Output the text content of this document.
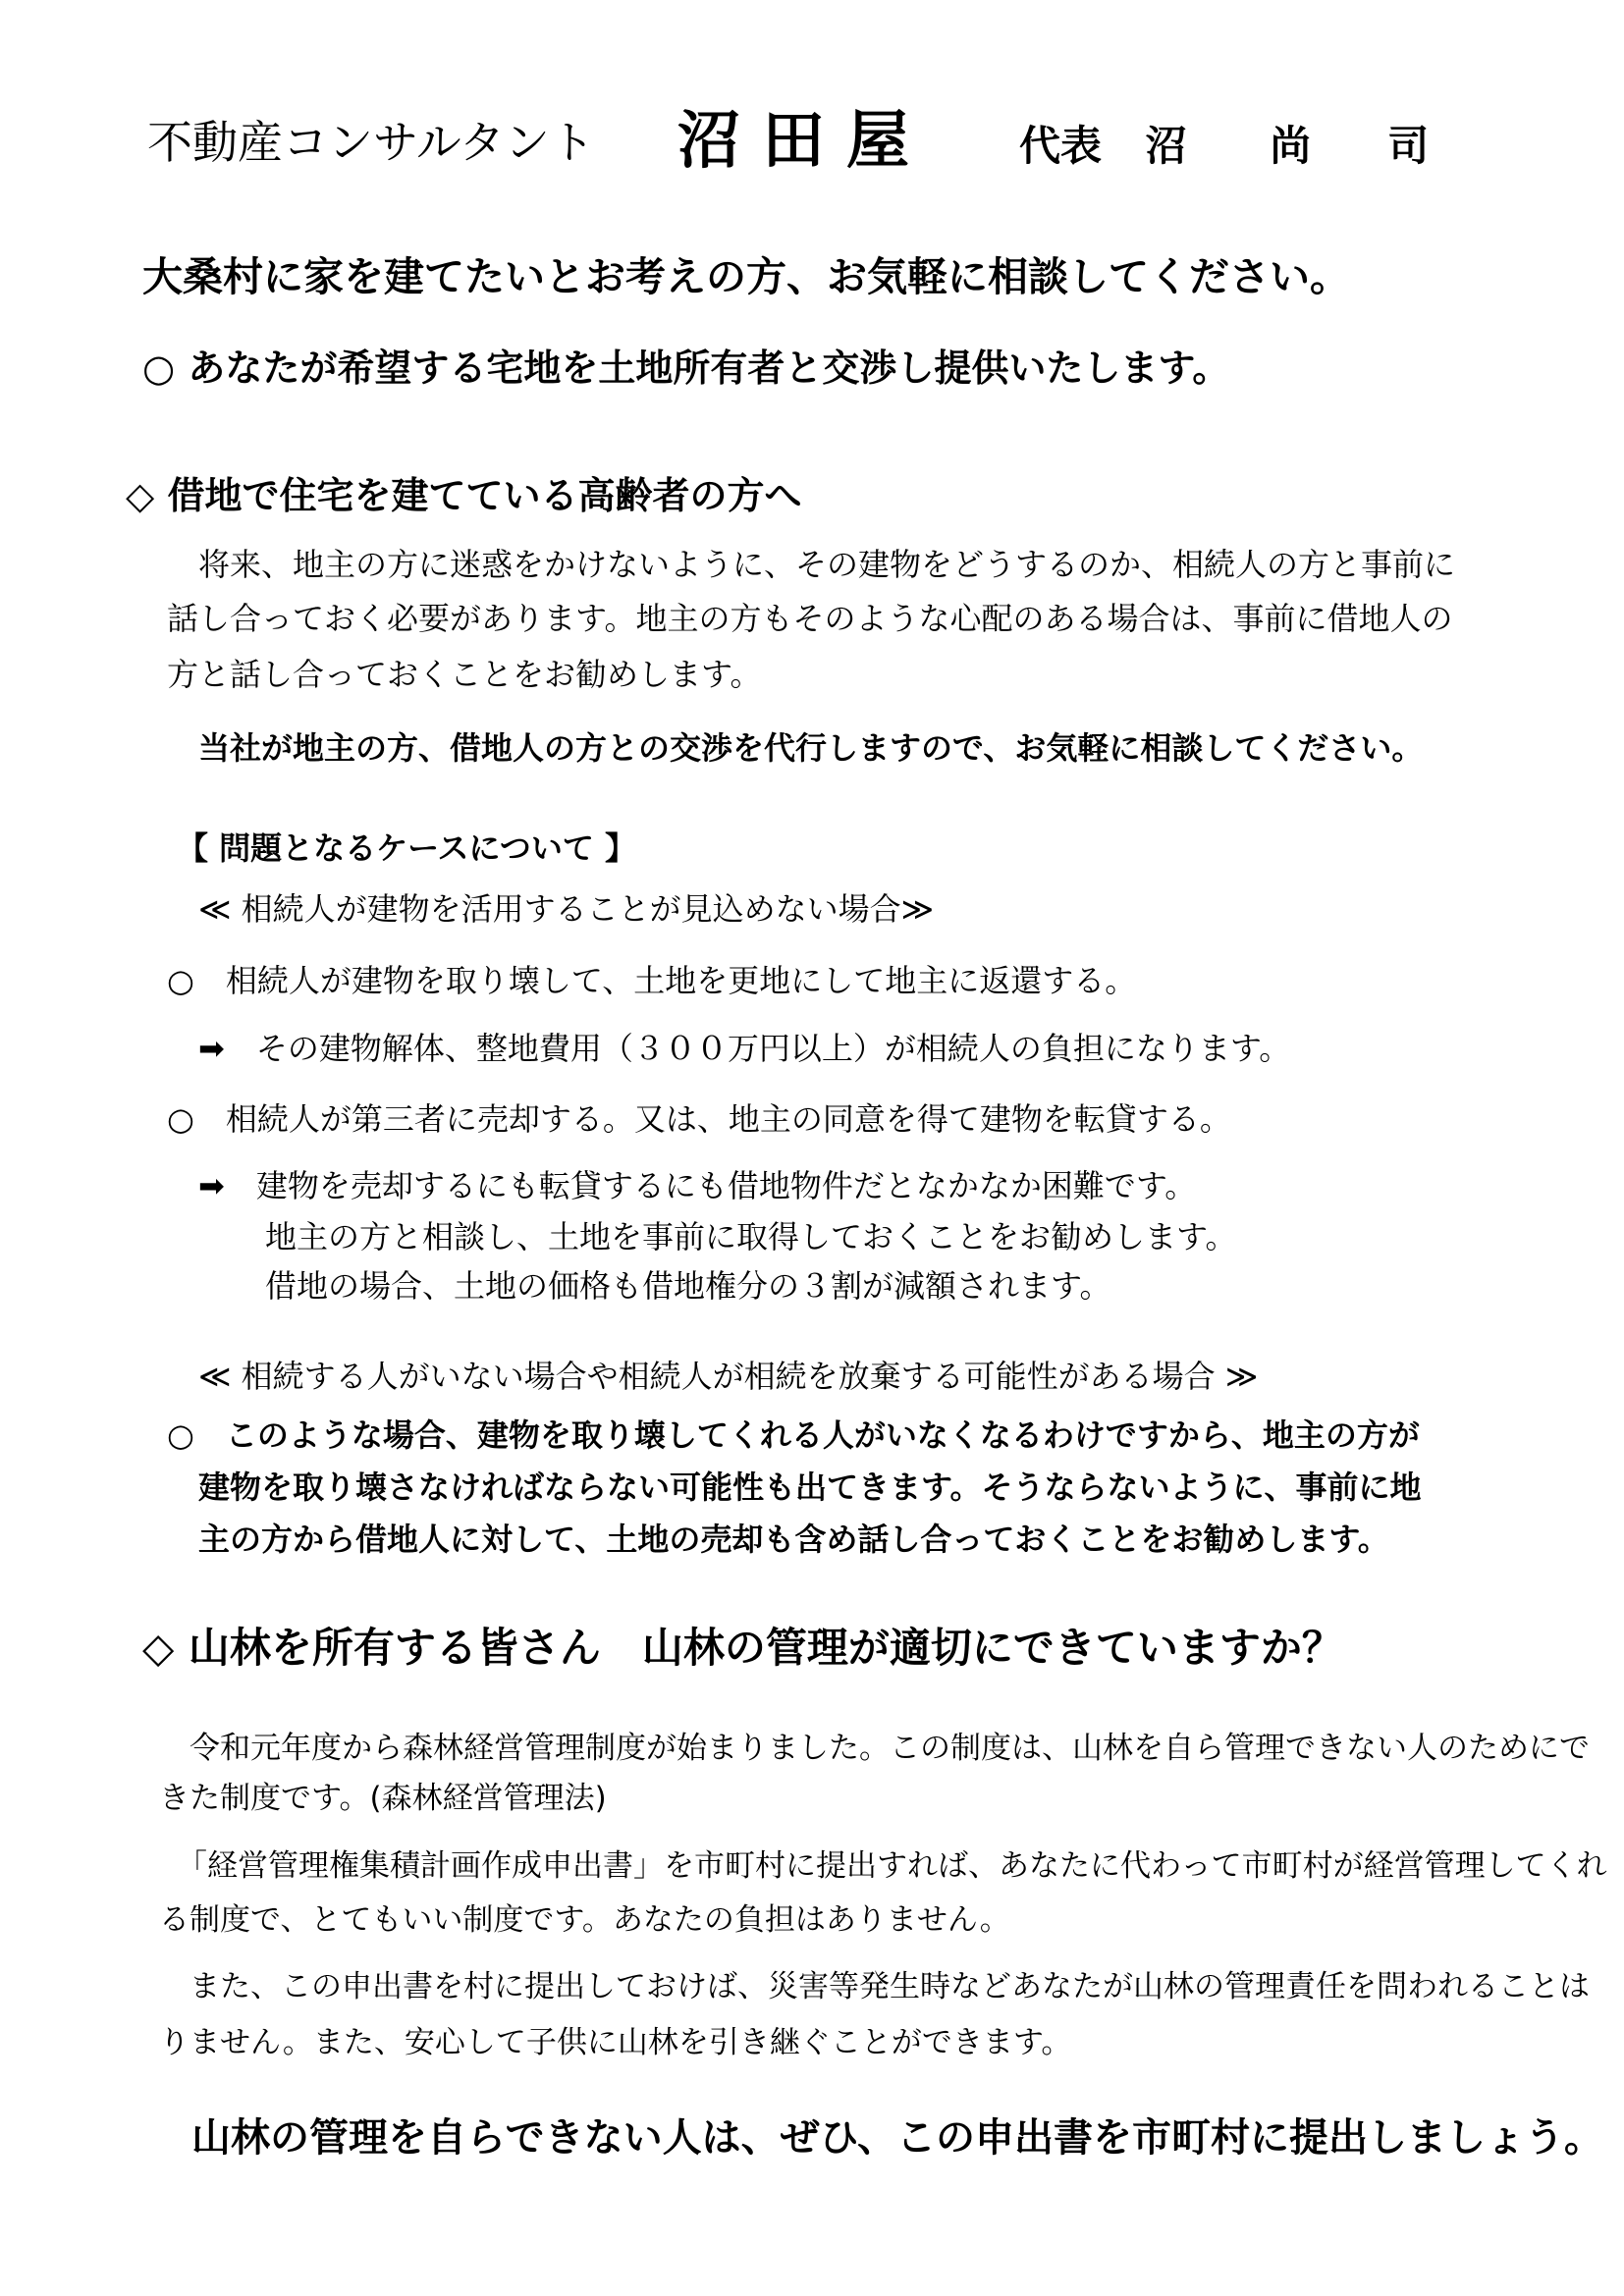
不動産コンサルタント 沼田屋 代表 沼 尚　司
大桑村に家を建てたいとお考えの方、お気軽に相談してください。
○ あなたが希望する宅地を土地所有者と交渉し提供いたします。
◇ 借地で住宅を建てている高齢者の方へ
　将来、地主の方に迷惑をかけないように、その建物をどうするのか、相続人の方と事前に
話し合っておく必要があります。地主の方もそのような心配のある場合は、事前に借地人の
方と話し合っておくことをお勧めします。
当社が地主の方、借地人の方との交渉を代行しますので、お気軽に相談してください。
【 問題となるケースについて 】
≪ 相続人が建物を活用することが見込めない場合≫
○　相続人が建物を取り壊して、土地を更地にして地主に返還する。
➡　その建物解体、整地費用（３００万円以上）が相続人の負担になります。
○　相続人が第三者に売却する。又は、地主の同意を得て建物を転貸する。
➡　建物を売却するにも転貸するにも借地物件だとなかなか困難です。
地主の方と相談し、土地を事前に取得しておくことをお勧めします。
借地の場合、土地の価格も借地権分の３割が減額されます。
≪ 相続する人がいない場合や相続人が相続を放棄する可能性がある場合 ≫
○　このような場合、建物を取り壊してくれる人がいなくなるわけですから、地主の方が
建物を取り壊さなければならない可能性も出てきます。そうならないように、事前に地
主の方から借地人に対して、土地の売却も含め話し合っておくことをお勧めします。
◇ 山林を所有する皆さん　山林の管理が適切にできていますか？
　令和元年度から森林経営管理制度が始まりました。この制度は、山林を自ら管理できない人のためにで
きた制度です。(森林経営管理法)
「経営管理権集積計画作成申出書」を市町村に提出すれば、あなたに代わって市町村が経営管理してくれ
る制度で、とてもいい制度です。あなたの負担はありません。
　また、この申出書を村に提出しておけば、災害等発生時などあなたが山林の管理責任を問われることは
りません。また、安心して子供に山林を引き継ぐことができます。
山林の管理を自らできない人は、ぜひ、この申出書を市町村に提出しましょう。
